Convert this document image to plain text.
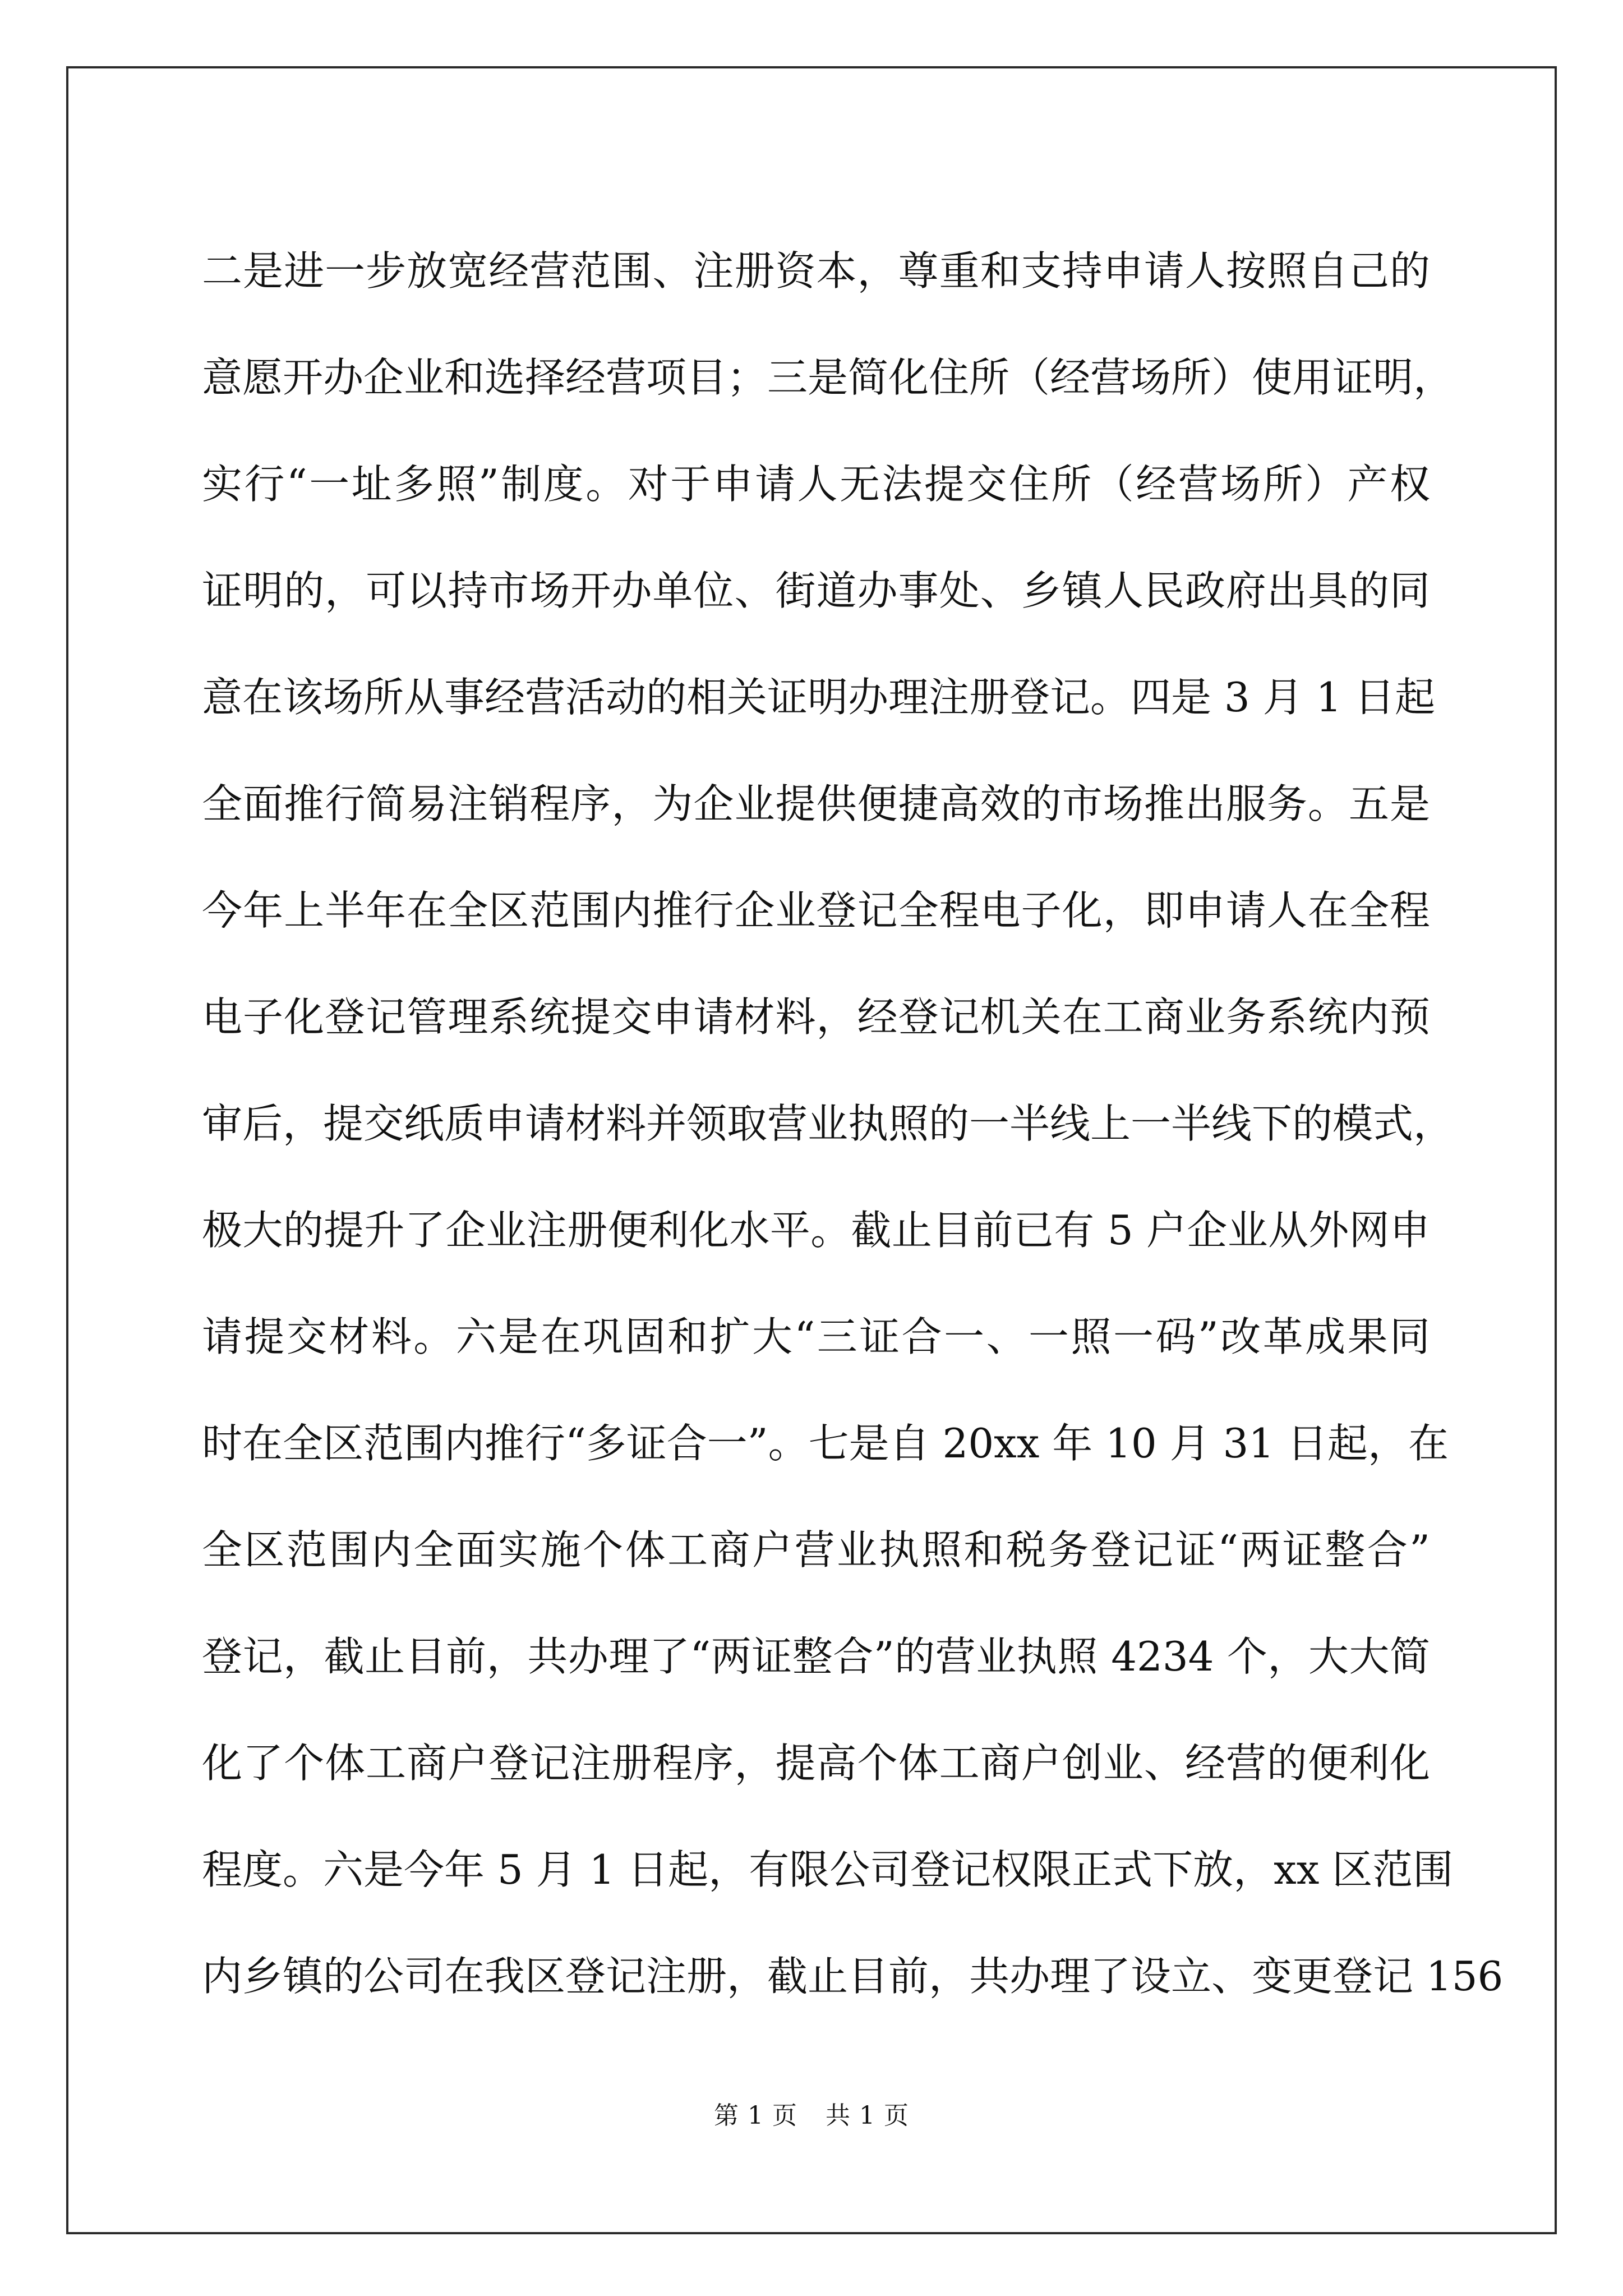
二是进一步放宽经营范围、注册资本，尊重和支持申请人按照自己的
意愿开办企业和选择经营项目；三是简化住所（经营场所）使用证明，
实行“一址多照”制度。对于申请人无法提交住所（经营场所）产权
证明的，可以持市场开办单位、街道办事处、乡镇人民政府出具的同
意在该场所从事经营活动的相关证明办理注册登记。四是 3 月 1 日起
全面推行简易注销程序，为企业提供便捷高效的市场推出服务。五是
今年上半年在全区范围内推行企业登记全程电子化，即申请人在全程
电子化登记管理系统提交申请材料，经登记机关在工商业务系统内预
审后，提交纸质申请材料并领取营业执照的一半线上一半线下的模式，
极大的提升了企业注册便利化水平。截止目前已有 5 户企业从外网申
请提交材料。六是在巩固和扩大“三证合一、一照一码”改革成果同
时在全区范围内推行“多证合一”。七是自 20xx 年 10 月 31 日起，在
全区范围内全面实施个体工商户营业执照和税务登记证“两证整合”
登记，截止目前，共办理了“两证整合”的营业执照 4234 个，大大简
化了个体工商户登记注册程序，提高个体工商户创业、经营的便利化
程度。六是今年 5 月 1 日起，有限公司登记权限正式下放，xx 区范围
内乡镇的公司在我区登记注册，截止目前，共办理了设立、变更登记 156
第 1 页 共 1 页
